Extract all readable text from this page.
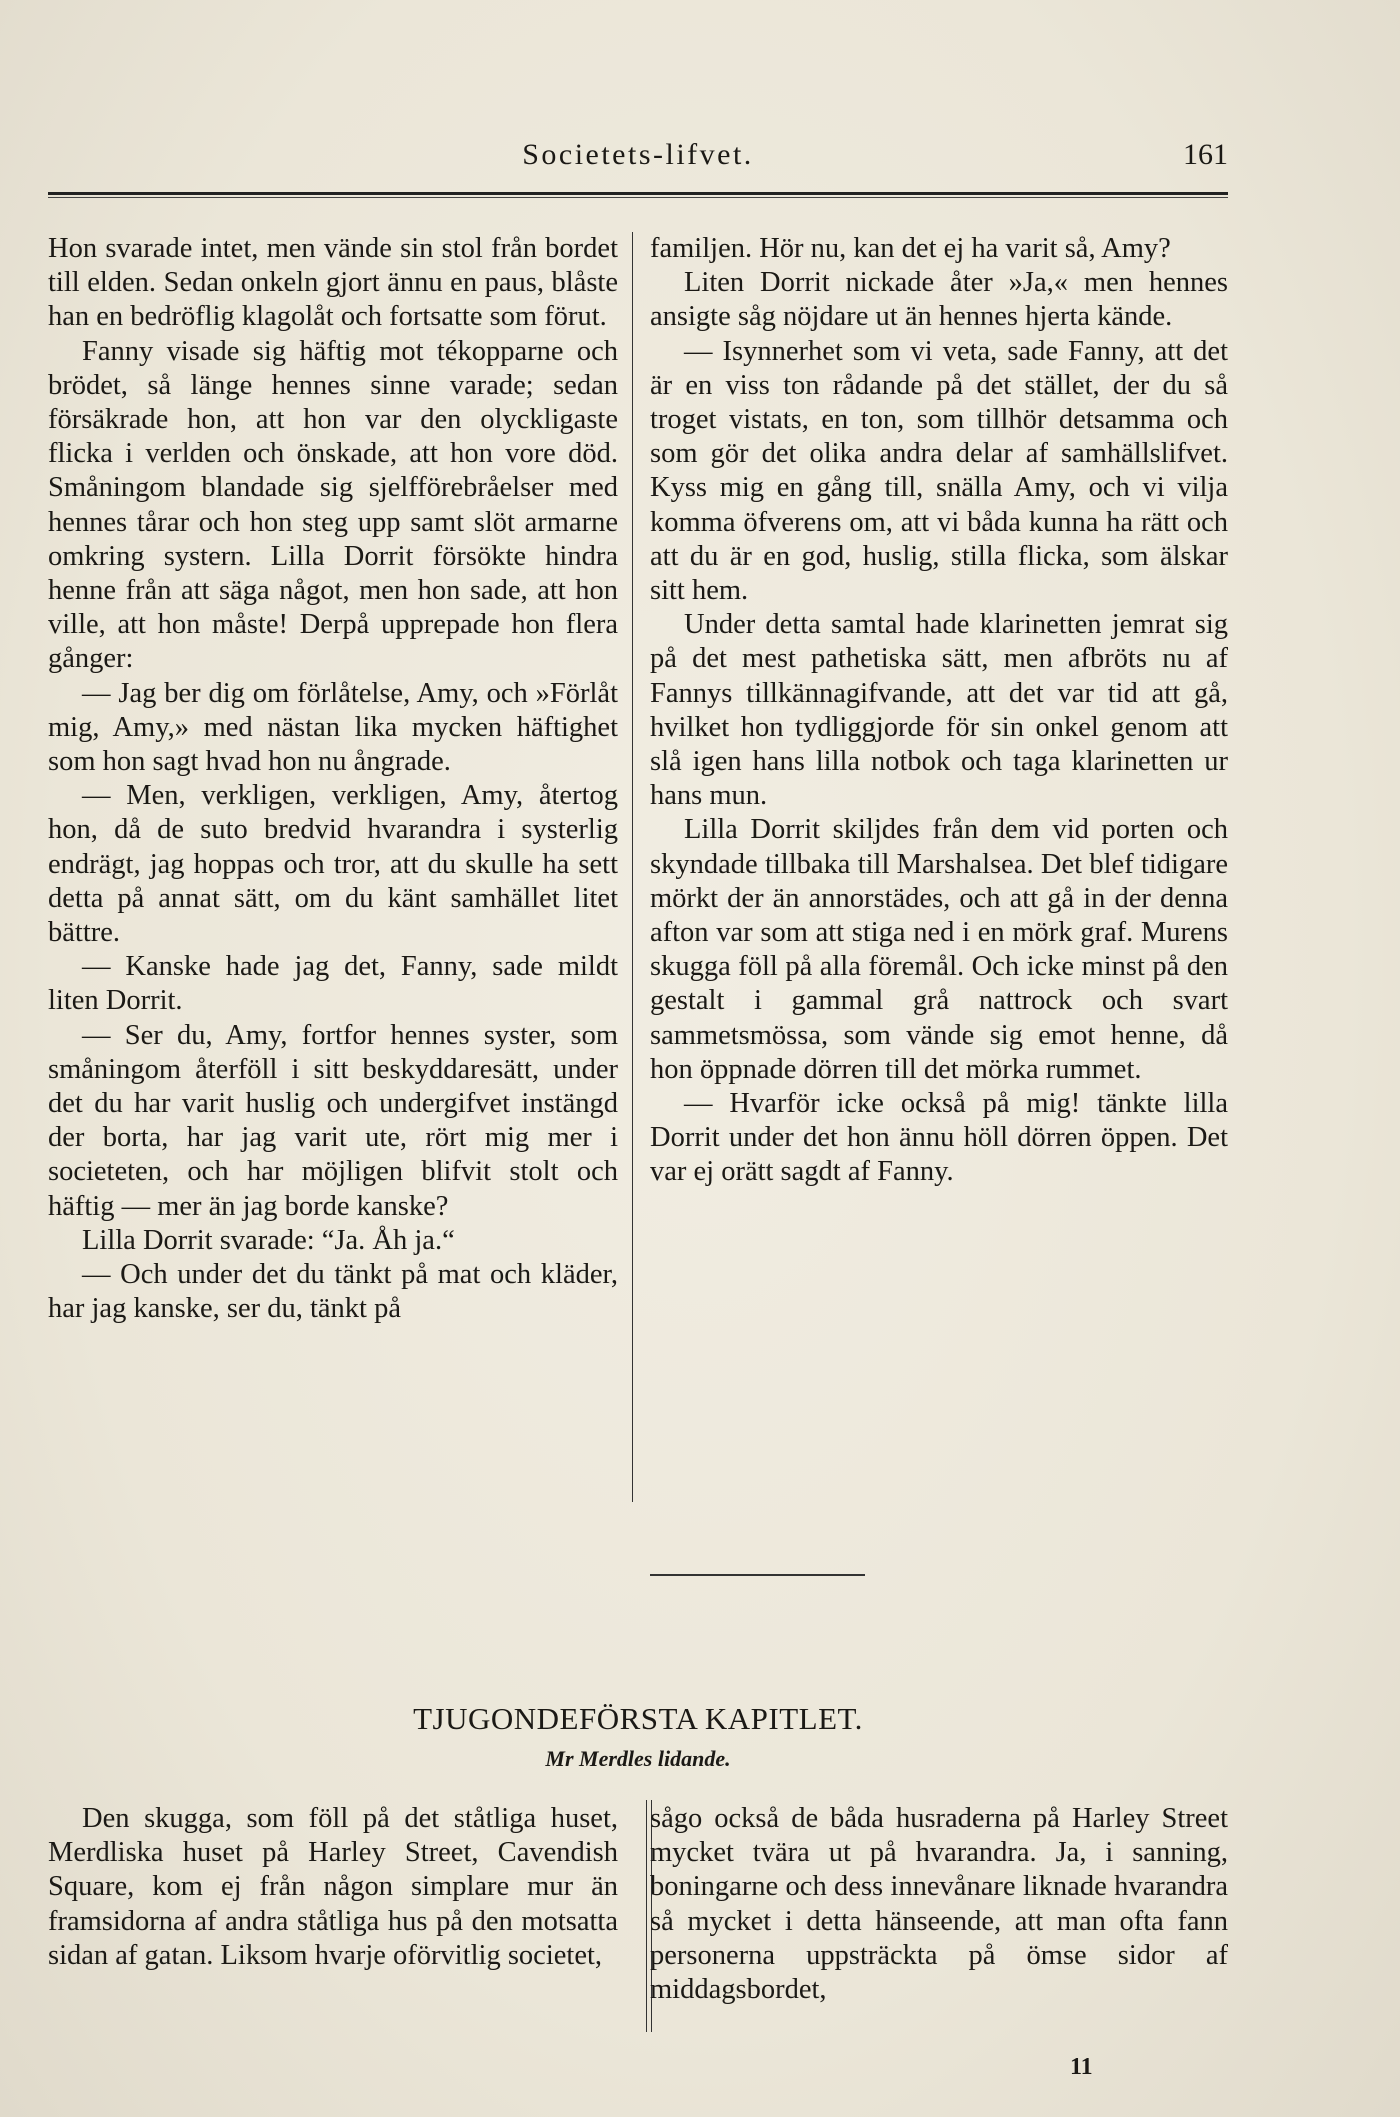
Societets-lifvet.	161

Hon svarade intet, men vände sin stol från bordet till elden. Sedan onkeln gjort ännu en paus, blåste han en bedröflig klagolåt och fortsatte som förut.

Fanny visade sig häftig mot tékopparne och brödet, så länge hennes sinne varade; sedan försäkrade hon, att hon var den olyckligaste flicka i verlden och önskade, att hon vore död. Småningom blandade sig sjelfförebråelser med hennes tårar och hon steg upp samt slöt armarne omkring systern. Lilla Dorrit försökte hindra henne från att säga något, men hon sade, att hon ville, att hon måste! Derpå upprepade hon flera gånger:

— Jag ber dig om förlåtelse, Amy, och »Förlåt mig, Amy,» med nästan lika mycken häftighet som hon sagt hvad hon nu ångrade.

— Men, verkligen, verkligen, Amy, återtog hon, då de suto bredvid hvarandra i systerlig endrägt, jag hoppas och tror, att du skulle ha sett detta på annat sätt, om du känt samhället litet bättre.

— Kanske hade jag det, Fanny, sade mildt liten Dorrit.

— Ser du, Amy, fortfor hennes syster, som småningom återföll i sitt beskyddaresätt, under det du har varit huslig och undergifvet instängd der borta, har jag varit ute, rört mig mer i societeten, och har möjligen blifvit stolt och häftig — mer än jag borde kanske?

Lilla Dorrit svarade: “Ja. Åh ja.“

— Och under det du tänkt på mat och kläder, har jag kanske, ser du, tänkt på

familjen. Hör nu, kan det ej ha varit så, Amy?

Liten Dorrit nickade åter »Ja,« men hennes ansigte såg nöjdare ut än hennes hjerta kände.

— Isynnerhet som vi veta, sade Fanny, att det är en viss ton rådande på det stället, der du så troget vistats, en ton, som tillhör detsamma och som gör det olika andra delar af samhällslifvet. Kyss mig en gång till, snälla Amy, och vi vilja komma öfverens om, att vi båda kunna ha rätt och att du är en god, huslig, stilla flicka, som älskar sitt hem.

Under detta samtal hade klarinetten jemrat sig på det mest pathetiska sätt, men afbröts nu af Fannys tillkännagifvande, att det var tid att gå, hvilket hon tydliggjorde för sin onkel genom att slå igen hans lilla notbok och taga klarinetten ur hans mun.

Lilla Dorrit skiljdes från dem vid porten och skyndade tillbaka till Marshalsea. Det blef tidigare mörkt der än annorstädes, och att gå in der denna afton var som att stiga ned i en mörk graf. Murens skugga föll på alla föremål. Och icke minst på den gestalt i gammal grå nattrock och svart sammetsmössa, som vände sig emot henne, då hon öppnade dörren till det mörka rummet.

— Hvarför icke också på mig! tänkte lilla Dorrit under det hon ännu höll dörren öppen. Det var ej orätt sagdt af Fanny.

TJUGONDEFÖRSTA KAPITLET.
Mr Merdles lidande.

Den skugga, som föll på det ståtliga huset, Merdliska huset på Harley Street, Cavendish Square, kom ej från någon simplare mur än framsidorna af andra ståtliga hus på den motsatta sidan af gatan. Liksom hvarje oförvitlig societet,

sågo också de båda husraderna på Harley Street mycket tvära ut på hvarandra. Ja, i sanning, boningarne och dess innevånare liknade hvarandra så mycket i detta hänseende, att man ofta fann personerna uppsträckta på ömse sidor af middagsbordet,

11
